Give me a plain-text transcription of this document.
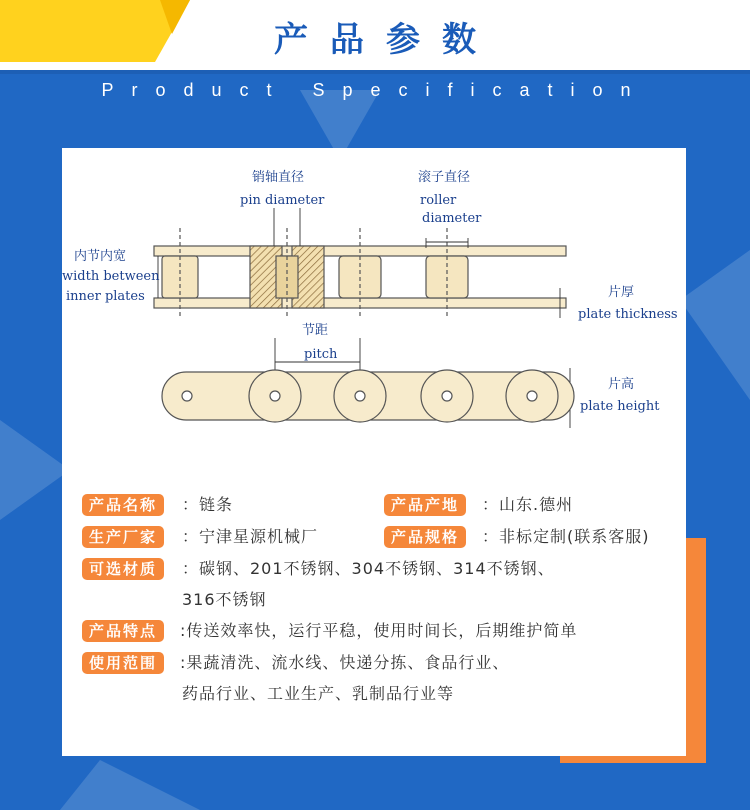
产品参数
Product Specification
销轴直径
pin diameter
滚子直径
roller
diameter
内节内宽
width between
inner plates	片厚
plate thickness
节距
pitch
片高
plate height
产品名称	：链条	产品产地	：山东.德州
生产厂家	：宁津星源机械厂	产品规格	：非标定制(联系客服)
可选材质	：碳钢、201不锈钢、304不锈钢、314不锈钢、
316不锈钢
产品特点	:传送效率快，运行平稳，使用时间长，后期维护简单
使用范围	:果蔬清洗、流水线、快递分拣、食品行业、
药品行业、工业生产、乳制品行业等
